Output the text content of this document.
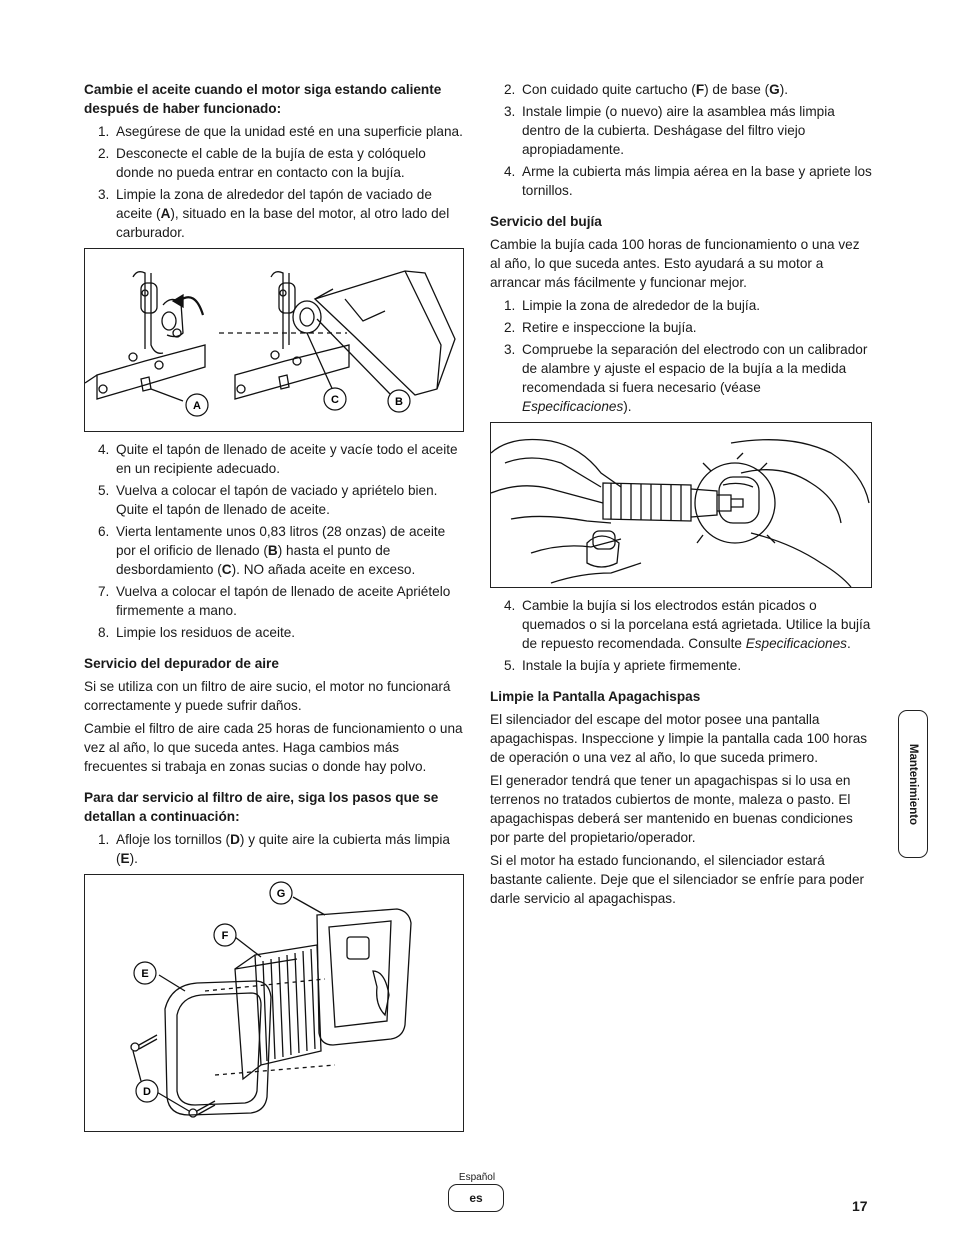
Cambie el aceite cuando el motor siga estando caliente después de haber funcionado:

1. Asegúrese de que la unidad esté en una superficie plana.
2. Desconecte el cable de la bujía de esta y colóquelo donde no pueda entrar en contacto con la bujía.
3. Limpie la zona de alrededor del tapón de vaciado de aceite (A), situado en la base del motor, al otro lado del carburador.
A	C	B
4. Quite el tapón de llenado de aceite y vacíe todo el aceite en un recipiente adecuado.
5. Vuelva a colocar el tapón de vaciado y apriételo bien. Quite el tapón de llenado de aceite.
6. Vierta lentamente unos 0,83 litros (28 onzas) de aceite por el orificio de llenado (B) hasta el punto de desbordamiento (C). NO añada aceite en exceso.
7. Vuelva a colocar el tapón de llenado de aceite Apriételo firmemente a mano.
8. Limpie los residuos de aceite.

Servicio del depurador de aire

Si se utiliza con un filtro de aire sucio, el motor no funcionará correctamente y puede sufrir daños.

Cambie el filtro de aire cada 25 horas de funcionamiento o una vez al año, lo que suceda antes. Haga cambios más frecuentes si trabaja en zonas sucias o donde hay polvo.

Para dar servicio al filtro de aire, siga los pasos que se detallan a continuación:

1. Afloje los tornillos (D) y quite aire la cubierta más limpia (E).
G
F
E
D
2. Con cuidado quite cartucho (F) de base (G).
3. Instale limpie (o nuevo) aire la asamblea más limpia dentro de la cubierta. Deshágase del filtro viejo apropiadamente.
4. Arme la cubierta más limpia aérea en la base y apriete los tornillos.

Servicio del bujía

Cambie la bujía cada 100 horas de funcionamiento o una vez al año, lo que suceda antes. Esto ayudará a su motor a arrancar más fácilmente y funcionar mejor.

1. Limpie la zona de alrededor de la bujía.
2. Retire e inspeccione la bujía.
3. Compruebe la separación del electrodo con un calibrador de alambre y ajuste el espacio de la bujía a la medida recomendada si fuera necesario (véase Especificaciones).
4. Cambie la bujía si los electrodos están picados o quemados o si la porcelana está agrietada. Utilice la bujía de repuesto recomendada. Consulte Especificaciones.
5. Instale la bujía y apriete firmemente.

Limpie la Pantalla Apagachispas

El silenciador del escape del motor posee una pantalla apagachispas. Inspeccione y limpie la pantalla cada 100 horas de operación o una vez al año, lo que suceda primero.

El generador tendrá que tener un apagachispas si lo usa en terrenos no tratados cubiertos de monte, maleza o pasto. El apagachispas deberá ser mantenido en buenas condiciones por parte del propietario/operador.

Si el motor ha estado funcionando, el silenciador estará bastante caliente. Deje que el silenciador se enfríe para poder darle servicio al apagachispas.

Mantenimiento
Español
es
17
